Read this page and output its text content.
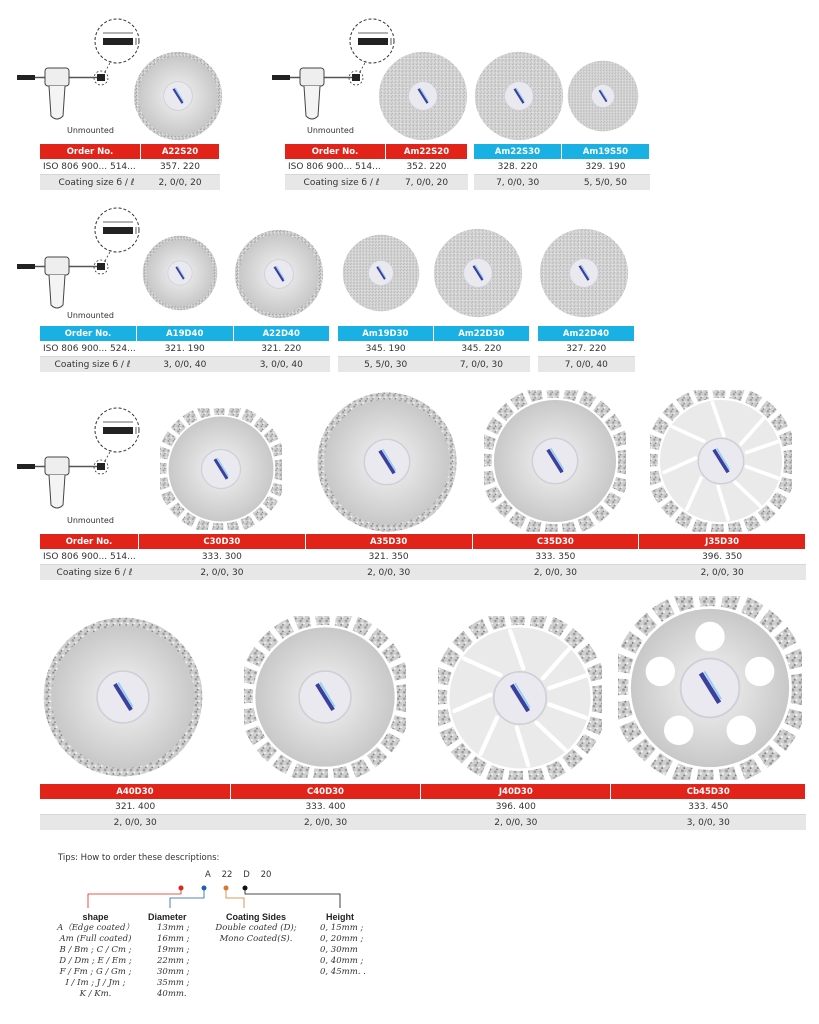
Unmounted	Unmounted
Order No.	A22S20
ISO 806 900... 514...	357. 220
Coating size б / ℓ	2, 0/0, 20
Order No.	Am22S20
ISO 806 900... 514...	352. 220
Coating size б / ℓ	7, 0/0, 20
Am22S30	Am19S50
328. 220	329. 190
7, 0/0, 30	5, 5/0, 50
Unmounted
Order No.	A19D40	A22D40
ISO 806 900... 524...	321. 190	321. 220
Coating size б / ℓ	3, 0/0, 40	3, 0/0, 40
Am19D30	Am22D30
345. 190	345. 220
5, 5/0, 30	7, 0/0, 30
Am22D40
327. 220
7, 0/0, 40
Unmounted
Order No.	C30D30	A35D30	C35D30	J35D30
ISO 806 900... 514...	333. 300	321. 350	333. 350	396. 350
Coating size б / ℓ	2, 0/0, 30	2, 0/0, 30	2, 0/0, 30	2, 0/0, 30
A40D30	C40D30	J40D30	Cb45D30
321. 400	333. 400	396. 400	333. 450
2, 0/0, 30	2, 0/0, 30	2, 0/0, 30	3, 0/0, 30
Tips: How to order these descriptions:
A 22 D 20
shape
A（Edge coated）
Am (Full coated)
B / Bm ; C / Cm ;
D / Dm ; E / Em ;
F / Fm ; G / Gm ;
I / Im ; J / Jm ;
K / Km.
Diameter
13mm ;
16mm ;
19mm ;
22mm ;
30mm ;
35mm ;
40mm.
Coating Sides
Double coated (D);
Mono Coated(S).
Height
0, 15mm ;
0, 20mm ;
0, 30mm
0, 40mm ;
0, 45mm. .
